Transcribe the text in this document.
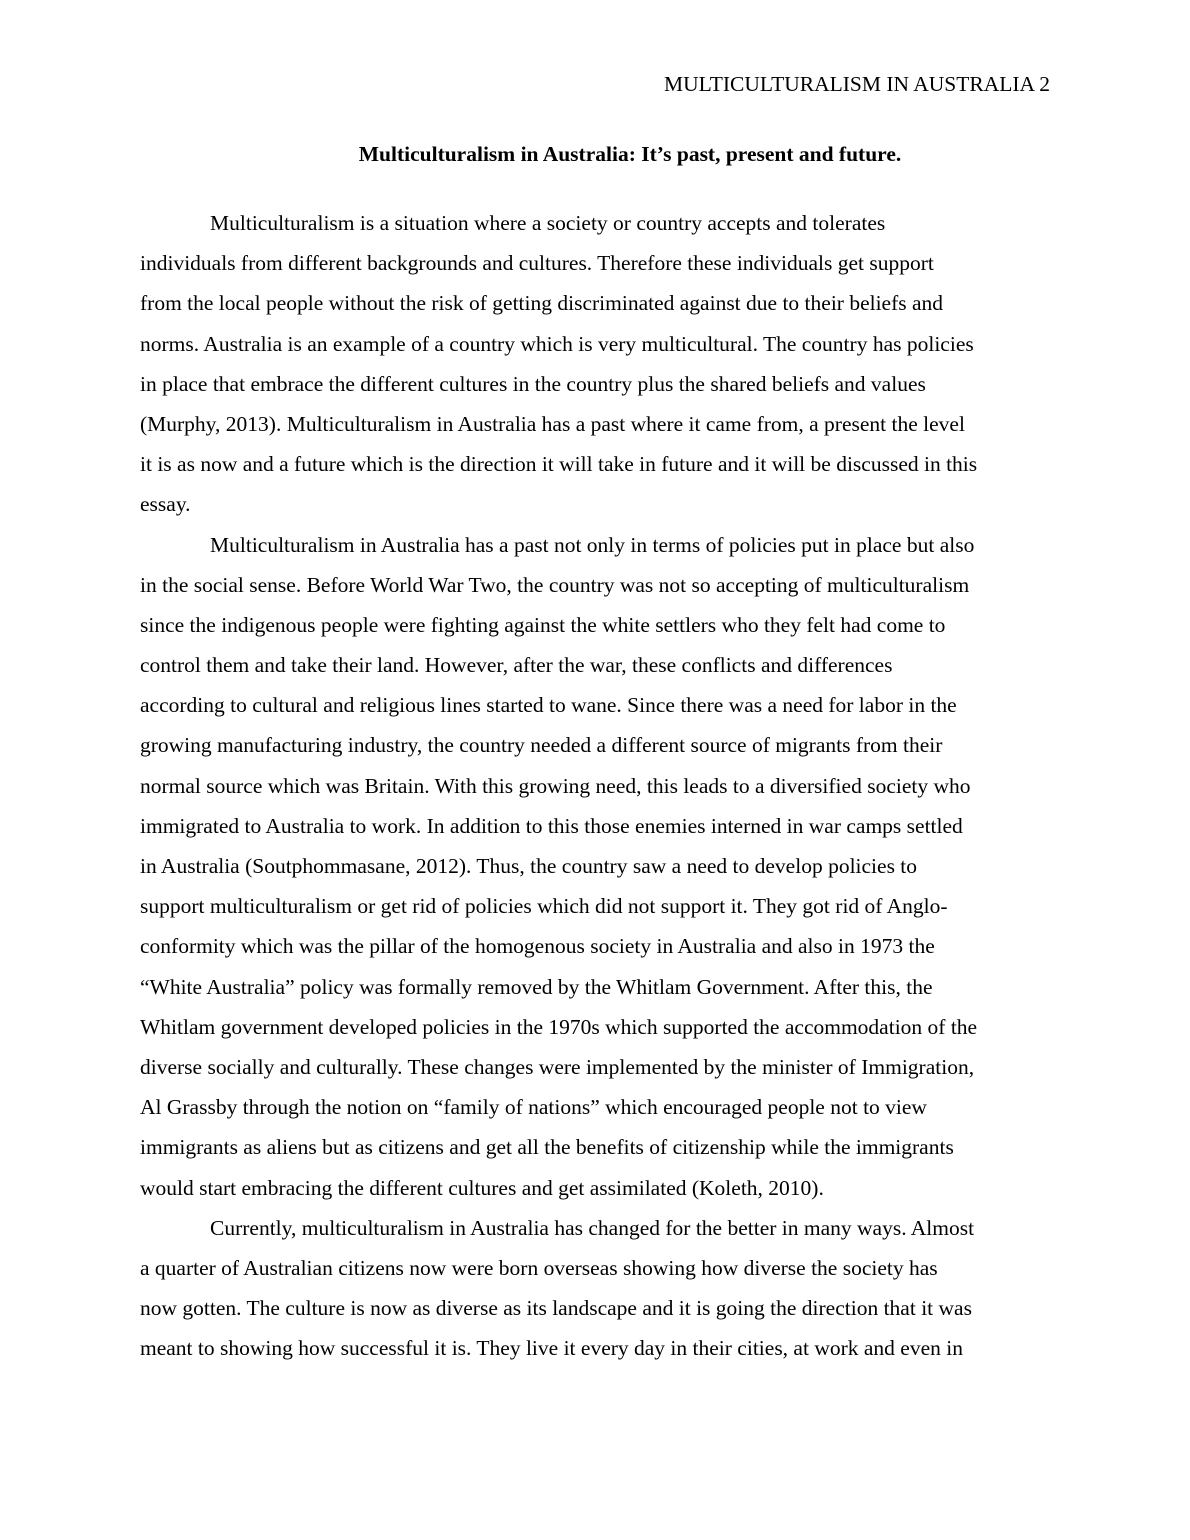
MULTICULTURALISM IN AUSTRALIA 2
Multiculturalism in Australia: It’s past, present and future.
Multiculturalism is a situation where a society or country accepts and tolerates
individuals from different backgrounds and cultures. Therefore these individuals get support
from the local people without the risk of getting discriminated against due to their beliefs and
norms. Australia is an example of a country which is very multicultural. The country has policies
in place that embrace the different cultures in the country plus the shared beliefs and values
(Murphy, 2013). Multiculturalism in Australia has a past where it came from, a present the level
it is as now and a future which is the direction it will take in future and it will be discussed in this
essay.
Multiculturalism in Australia has a past not only in terms of policies put in place but also
in the social sense. Before World War Two, the country was not so accepting of multiculturalism
since the indigenous people were fighting against the white settlers who they felt had come to
control them and take their land. However, after the war, these conflicts and differences
according to cultural and religious lines started to wane. Since there was a need for labor in the
growing manufacturing industry, the country needed a different source of migrants from their
normal source which was Britain. With this growing need, this leads to a diversified society who
immigrated to Australia to work. In addition to this those enemies interned in war camps settled
in Australia (Soutphommasane, 2012). Thus, the country saw a need to develop policies to
support multiculturalism or get rid of policies which did not support it. They got rid of Anglo-
conformity which was the pillar of the homogenous society in Australia and also in 1973 the
“White Australia” policy was formally removed by the Whitlam Government. After this, the
Whitlam government developed policies in the 1970s which supported the accommodation of the
diverse socially and culturally. These changes were implemented by the minister of Immigration,
Al Grassby through the notion on “family of nations” which encouraged people not to view
immigrants as aliens but as citizens and get all the benefits of citizenship while the immigrants
would start embracing the different cultures and get assimilated (Koleth, 2010).
Currently, multiculturalism in Australia has changed for the better in many ways. Almost
a quarter of Australian citizens now were born overseas showing how diverse the society has
now gotten. The culture is now as diverse as its landscape and it is going the direction that it was
meant to showing how successful it is. They live it every day in their cities, at work and even in
